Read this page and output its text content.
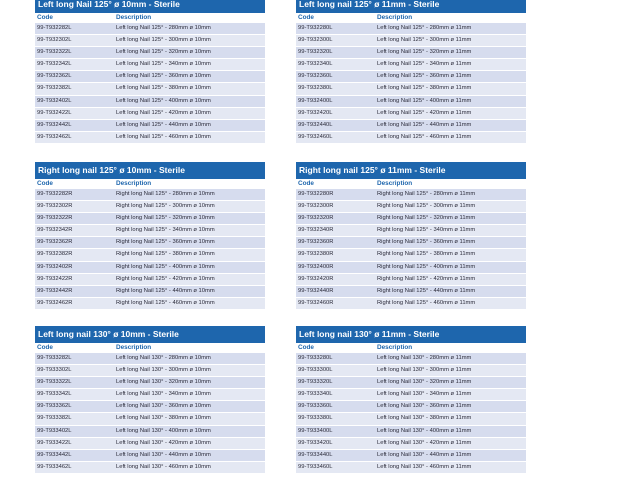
Left long Nail 125° ø 10mm - Sterile
Code	Description
99-T932282L	Left long Nail 125° - 280mm ø 10mm
99-T932302L	Left long Nail 125° - 300mm ø 10mm
99-T932322L	Left long Nail 125° - 320mm ø 10mm
99-T932342L	Left long Nail 125° - 340mm ø 10mm
99-T932362L	Left long Nail 125° - 360mm ø 10mm
99-T932382L	Left long Nail 125° - 380mm ø 10mm
99-T932402L	Left long Nail 125° - 400mm ø 10mm
99-T932422L	Left long Nail 125° - 420mm ø 10mm
99-T932442L	Left long Nail 125° - 440mm ø 10mm
99-T932462L	Left long Nail 125° - 460mm ø 10mm
Left long nail 125° ø 11mm - Sterile
Code	Description
99-T932280L	Left long Nail 125° - 280mm ø 11mm
99-T932300L	Left long Nail 125° - 300mm ø 11mm
99-T932320L	Left long Nail 125° - 320mm ø 11mm
99-T932340L	Left long Nail 125° - 340mm ø 11mm
99-T932360L	Left long Nail 125° - 360mm ø 11mm
99-T932380L	Left long Nail 125° - 380mm ø 11mm
99-T932400L	Left long Nail 125° - 400mm ø 11mm
99-T932420L	Left long Nail 125° - 420mm ø 11mm
99-T932440L	Left long Nail 125° - 440mm ø 11mm
99-T932460L	Left long Nail 125° - 460mm ø 11mm
Right long nail 125° ø 10mm - Sterile
Code	Description
99-T932282R	Right long Nail 125° - 280mm ø 10mm
99-T932302R	Right long Nail 125° - 300mm ø 10mm
99-T932322R	Right long Nail 125° - 320mm ø 10mm
99-T932342R	Right long Nail 125° - 340mm ø 10mm
99-T932362R	Right long Nail 125° - 360mm ø 10mm
99-T932382R	Right long Nail 125° - 380mm ø 10mm
99-T932402R	Right long Nail 125° - 400mm ø 10mm
99-T932422R	Right long Nail 125° - 420mm ø 10mm
99-T932442R	Right long Nail 125° - 440mm ø 10mm
99-T932462R	Right long Nail 125° - 460mm ø 10mm
Right long nail 125° ø 11mm - Sterile
Code	Description
99-T932280R	Right long Nail 125° - 280mm ø 11mm
99-T932300R	Right long Nail 125° - 300mm ø 11mm
99-T932320R	Right long Nail 125° - 320mm ø 11mm
99-T932340R	Right long Nail 125° - 340mm ø 11mm
99-T932360R	Right long Nail 125° - 360mm ø 11mm
99-T932380R	Right long Nail 125° - 380mm ø 11mm
99-T932400R	Right long Nail 125° - 400mm ø 11mm
99-T932420R	Right long Nail 125° - 420mm ø 11mm
99-T932440R	Right long Nail 125° - 440mm ø 11mm
99-T932460R	Right long Nail 125° - 460mm ø 11mm
Left long nail 130° ø 10mm - Sterile
Code	Description
99-T933282L	Left long Nail 130° - 280mm ø 10mm
99-T933302L	Left long Nail 130° - 300mm ø 10mm
99-T933322L	Left long Nail 130° - 320mm ø 10mm
99-T933342L	Left long Nail 130° - 340mm ø 10mm
99-T933362L	Left long Nail 130° - 360mm ø 10mm
99-T933382L	Left long Nail 130° - 380mm ø 10mm
99-T933402L	Left long Nail 130° - 400mm ø 10mm
99-T933422L	Left long Nail 130° - 420mm ø 10mm
99-T933442L	Left long Nail 130° - 440mm ø 10mm
99-T933462L	Left long Nail 130° - 460mm ø 10mm
Left long nail 130° ø 11mm - Sterile
Code	Description
99-T933280L	Left long Nail 130° - 280mm ø 11mm
99-T933300L	Left long Nail 130° - 300mm ø 11mm
99-T933320L	Left long Nail 130° - 320mm ø 11mm
99-T933340L	Left long Nail 130° - 340mm ø 11mm
99-T933360L	Left long Nail 130° - 360mm ø 11mm
99-T933380L	Left long Nail 130° - 380mm ø 11mm
99-T933400L	Left long Nail 130° - 400mm ø 11mm
99-T933420L	Left long Nail 130° - 420mm ø 11mm
99-T933440L	Left long Nail 130° - 440mm ø 11mm
99-T933460L	Left long Nail 130° - 460mm ø 11mm
